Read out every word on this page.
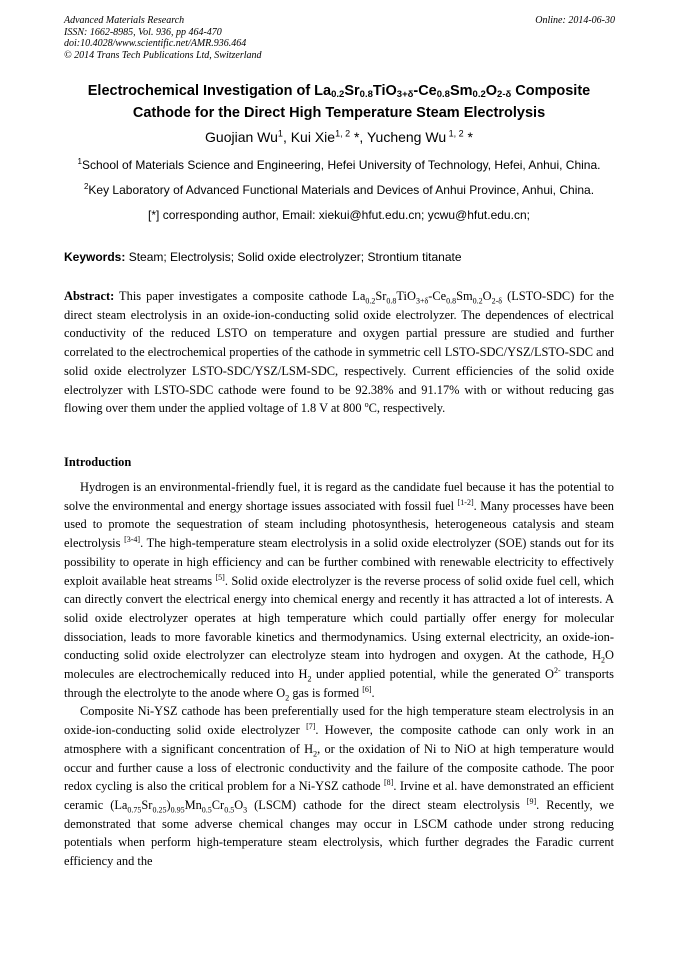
Advanced Materials Research
ISSN: 1662-8985, Vol. 936, pp 464-470
doi:10.4028/www.scientific.net/AMR.936.464
© 2014 Trans Tech Publications Ltd, Switzerland
Online: 2014-06-30
Electrochemical Investigation of $La_{0.2}Sr_{0.8}TiO_{3+\delta}-Ce_{0.8}Sm_{0.2}O_{2-\delta}$ Composite
Cathode for the Direct High Temperature Steam Electrolysis
Guojian Wu$^1$, Kui Xie$^{1, 2}$ *, Yucheng Wu $^{1, 2}$ *
$^1$School of Materials Science and Engineering, Hefei University of Technology, Hefei, Anhui, China.
$^2$Key Laboratory of Advanced Functional Materials and Devices of Anhui Province, Anhui, China.
[*] corresponding author, Email: xiekui@hfut.edu.cn; ycwu@hfut.edu.cn;
Keywords: Steam; Electrolysis; Solid oxide electrolyzer; Strontium titanate
Abstract: This paper investigates a composite cathode $La_{0.2}Sr_{0.8}TiO_{3+\delta}-Ce_{0.8}Sm_{0.2}O_{2-\delta}$ (LSTO-SDC) for the direct steam electrolysis in an oxide-ion-conducting solid oxide electrolyzer. The dependences of electrical conductivity of the reduced LSTO on temperature and oxygen partial pressure are studied and further correlated to the electrochemical properties of the cathode in symmetric cell LSTO-SDC/YSZ/LSTO-SDC and solid oxide electrolyzer LSTO-SDC/YSZ/LSM-SDC, respectively. Current efficiencies of the solid oxide electrolyzer with LSTO-SDC cathode were found to be 92.38% and 91.17% with or without reducing gas flowing over them under the applied voltage of 1.8 V at 800 $^o$C, respectively.
Introduction

Hydrogen is an environmental-friendly fuel, it is regard as the candidate fuel because it has the potential to solve the environmental and energy shortage issues associated with fossil fuel [1-2]. Many processes have been used to promote the sequestration of steam including photosynthesis, heterogeneous catalysis and steam electrolysis [3-4]. The high-temperature steam electrolysis in a solid oxide electrolyzer (SOE) stands out for its possibility to operate in high efficiency and can be further combined with renewable electricity to effectively exploit available heat streams [5]. Solid oxide electrolyzer is the reverse process of solid oxide fuel cell, which can directly convert the electrical energy into chemical energy and recently it has attracted a lot of interests. A solid oxide electrolyzer operates at high temperature which could partially offer energy for molecular dissociation, leads to more favorable kinetics and thermodynamics. Using external electricity, an oxide-ion-conducting solid oxide electrolyzer can electrolyze steam into hydrogen and oxygen. At the cathode, $H_2O$ molecules are electrochemically reduced into $H_2$ under applied potential, while the generated $O^{2-}$ transports through the electrolyte to the anode where $O_2$ gas is formed [6].

Composite Ni-YSZ cathode has been preferentially used for the high temperature steam electrolysis in an oxide-ion-conducting solid oxide electrolyzer [7]. However, the composite cathode can only work in an atmosphere with a significant concentration of $H_2$, or the oxidation of Ni to NiO at high temperature would occur and further cause a loss of electronic conductivity and the failure of the composite cathode. The poor redox cycling is also the critical problem for a Ni-YSZ cathode [8]. Irvine et al. have demonstrated an efficient ceramic $(La_{0.75}Sr_{0.25})_{0.95}Mn_{0.5}Cr_{0.5}O_3$ (LSCM) cathode for the direct steam electrolysis [9]. Recently, we demonstrated that some adverse chemical changes may occur in LSCM cathode under strong reducing potentials when perform high-temperature steam electrolysis, which further degrades the Faradic current efficiency and the
